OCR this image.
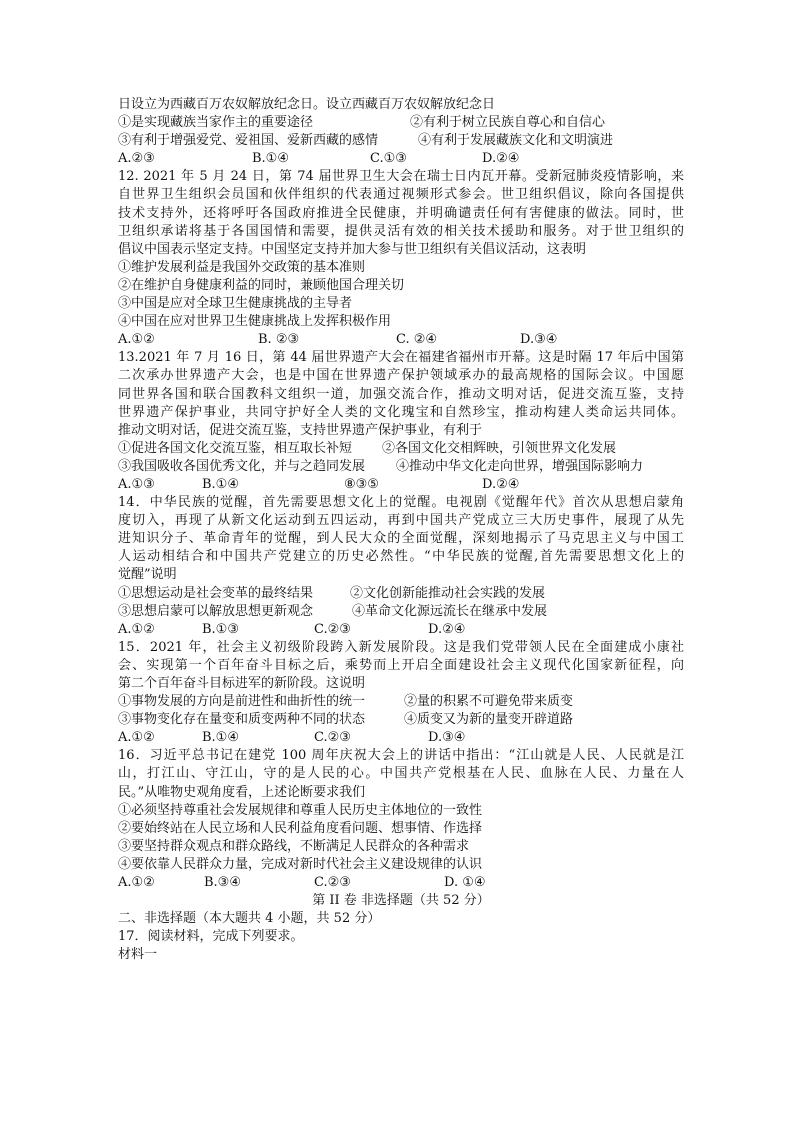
日设立为西藏百万农奴解放纪念日。设立西藏百万农奴解放纪念日
①是实现藏族当家作主的重要途径	②有利于树立民族自尊心和自信心
③有利于增强爱党、爱祖国、爱新西藏的感情	④有利于发展藏族文化和文明演进
A.②③	B.①④	C.①③	D.②④
12. 2021 年 5 月 24 日，第 74 届世界卫生大会在瑞士日内瓦开幕。受新冠肺炎疫情影响，来
自世界卫生组织会员国和伙伴组织的代表通过视频形式参会。世卫组织倡议，除向各国提供
技术支持外，还将呼吁各国政府推进全民健康，并明确谴责任何有害健康的做法。同时，世
卫组织承诺将基于各国国情和需要，提供灵活有效的相关技术援助和服务。对于世卫组织的
倡议中国表示坚定支持。中国坚定支持并加大参与世卫组织有关倡议活动，这表明
①维护发展利益是我国外交政策的基本准则
②在维护自身健康利益的同时，兼顾他国合理关切
③中国是应对全球卫生健康挑战的主导者
④中国在应对世界卫生健康挑战上发挥积极作用
A.①②	B. ②③	C. ②④	D.③④
13.2021 年 7 月 16 日，第 44 届世界遗产大会在福建省福州市开幕。这是时隔 17 年后中国第
二次承办世界遗产大会，也是中国在世界遗产保护领域承办的最高规格的国际会议。中国愿
同世界各国和联合国教科文组织一道，加强交流合作，推动文明对话，促进交流互鉴，支持
世界遗产保护事业，共同守护好全人类的文化瑰宝和自然珍宝，推动构建人类命运共同体。
推动文明对话，促进交流互鉴，支持世界遗产保护事业，有利于
①促进各国文化交流互鉴，相互取长补短 ②各国文化交相辉映，引领世界文化发展
③我国吸收各国优秀文化，并与之趋同发展 ④推动中华文化走向世界，增强国际影响力
A.①③	B.①④	⑧③⑤	D.②④
14．中华民族的觉醒，首先需要思想文化上的觉醒。电视剧《觉醒年代》首次从思想启蒙角
度切入，再现了从新文化运动到五四运动，再到中国共产党成立三大历史事件，展现了从先
进知识分子、革命青年的觉醒，到人民大众的全面觉醒，深刻地揭示了马克思主义与中国工
人运动相结合和中国共产党建立的历史必然性。“中华民族的觉醒,首先需要思想文化上的
觉醒”说明
①思想运动是社会变革的最终结果	②文化创新能推动社会实践的发展
③思想启蒙可以解放思想更新观念	④革命文化源远流长在继承中发展
A.①②	B.①③	C.②③	D.②④
15．2021 年，社会主义初级阶段跨入新发展阶段。这是我们党带领人民在全面建成小康社
会、实现第一个百年奋斗目标之后，乘势而上开启全面建设社会主义现代化国家新征程，向
第二个百年奋斗目标进军的新阶段。这说明
①事物发展的方向是前进性和曲折性的统一	②量的积累不可避免带来质变
③事物变化存在量变和质变两种不同的状态	④质变又为新的量变开辟道路
A.①②	B.①④	C.②③	D.③④
16．习近平总书记在建党 100 周年庆祝大会上的讲话中指出：“江山就是人民、人民就是江
山，打江山、守江山，守的是人民的心。中国共产党根基在人民、血脉在人民、力量在人
民。”从唯物史观角度看，上述论断要求我们
①必须坚持尊重社会发展规律和尊重人民历史主体地位的一致性
②要始终站在人民立场和人民利益角度看问题、想事情、作选择
③要坚持群众观点和群众路线，不断满足人民群众的各种需求
④要依靠人民群众力量，完成对新时代社会主义建设规律的认识
A.①②	B.③④	C.②③	D. ①④
第 II 卷 非选择题（共 52 分）
二、非选择题（本大题共 4 小题，共 52 分）
17．阅读材料，完成下列要求。
材料一
